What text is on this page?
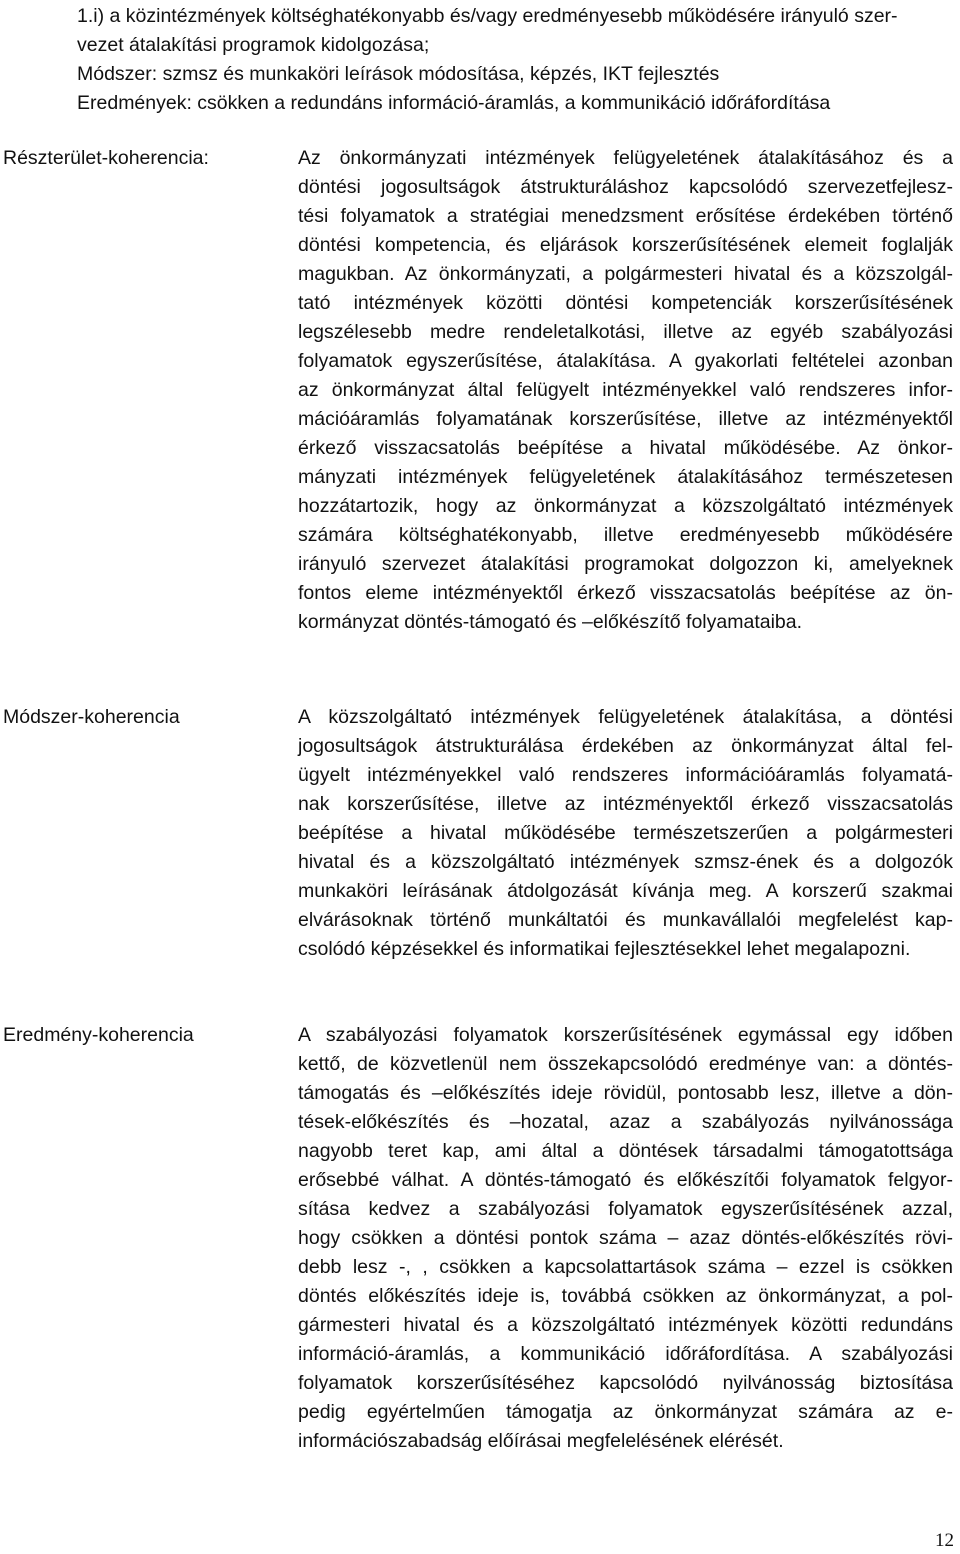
1.i) a közintézmények költséghatékonyabb és/vagy eredményesebb működésére irányuló szer-
vezet átalakítási programok kidolgozása;
Módszer: szmsz és munkaköri leírások módosítása, képzés, IKT fejlesztés
Eredmények: csökken a redundáns információ-áramlás, a kommunikáció időráfordítása
Részterület-koherencia:	Az önkormányzati intézmények felügyeletének átalakításához és a
döntési jogosultságok átstrukturáláshoz kapcsolódó szervezetfejlesz-
tési folyamatok a stratégiai menedzsment erősítése érdekében történő
döntési kompetencia, és eljárások korszerűsítésének elemeit foglalják
magukban. Az önkormányzati, a polgármesteri hivatal és a közszolgál-
tató intézmények közötti döntési kompetenciák korszerűsítésének
legszélesebb medre rendeletalkotási, illetve az egyéb szabályozási
folyamatok egyszerűsítése, átalakítása. A gyakorlati feltételei azonban
az önkormányzat által felügyelt intézményekkel való rendszeres infor-
mációáramlás folyamatának korszerűsítése, illetve az intézményektől
érkező visszacsatolás beépítése a hivatal működésébe. Az önkor-
mányzati intézmények felügyeletének átalakításához természetesen
hozzátartozik, hogy az önkormányzat a közszolgáltató intézmények
számára költséghatékonyabb, illetve eredményesebb működésére
irányuló szervezet átalakítási programokat dolgozzon ki, amelyeknek
fontos eleme intézményektől érkező visszacsatolás beépítése az ön-
kormányzat döntés-támogató és –előkészítő folyamataiba.
Módszer-koherencia	A közszolgáltató intézmények felügyeletének átalakítása, a döntési
jogosultságok átstrukturálása érdekében az önkormányzat által fel-
ügyelt intézményekkel való rendszeres információáramlás folyamatá-
nak korszerűsítése, illetve az intézményektől érkező visszacsatolás
beépítése a hivatal működésébe természetszerűen a polgármesteri
hivatal és a közszolgáltató intézmények szmsz-ének és a dolgozók
munkaköri leírásának átdolgozását kívánja meg. A korszerű szakmai
elvárásoknak történő munkáltatói és munkavállalói megfelelést kap-
csolódó képzésekkel és informatikai fejlesztésekkel lehet megalapozni.
Eredmény-koherencia	A szabályozási folyamatok korszerűsítésének egymással egy időben
kettő, de közvetlenül nem összekapcsolódó eredménye van: a döntés-
támogatás és –előkészítés ideje rövidül, pontosabb lesz, illetve a dön-
tések-előkészítés és –hozatal, azaz a szabályozás nyilvánossága
nagyobb teret kap, ami által a döntések társadalmi támogatottsága
erősebbé válhat. A döntés-támogató és előkészítői folyamatok felgyor-
sítása kedvez a szabályozási folyamatok egyszerűsítésének azzal,
hogy csökken a döntési pontok száma – azaz döntés-előkészítés rövi-
debb lesz -, , csökken a kapcsolattartások száma – ezzel is csökken
döntés előkészítés ideje is, továbbá csökken az önkormányzat, a pol-
gármesteri hivatal és a közszolgáltató intézmények közötti redundáns
információ-áramlás, a kommunikáció időráfordítása. A szabályozási
folyamatok korszerűsítéséhez kapcsolódó nyilvánosság biztosítása
pedig egyértelműen támogatja az önkormányzat számára az e-
információszabadság előírásai megfelelésének elérését.
12
